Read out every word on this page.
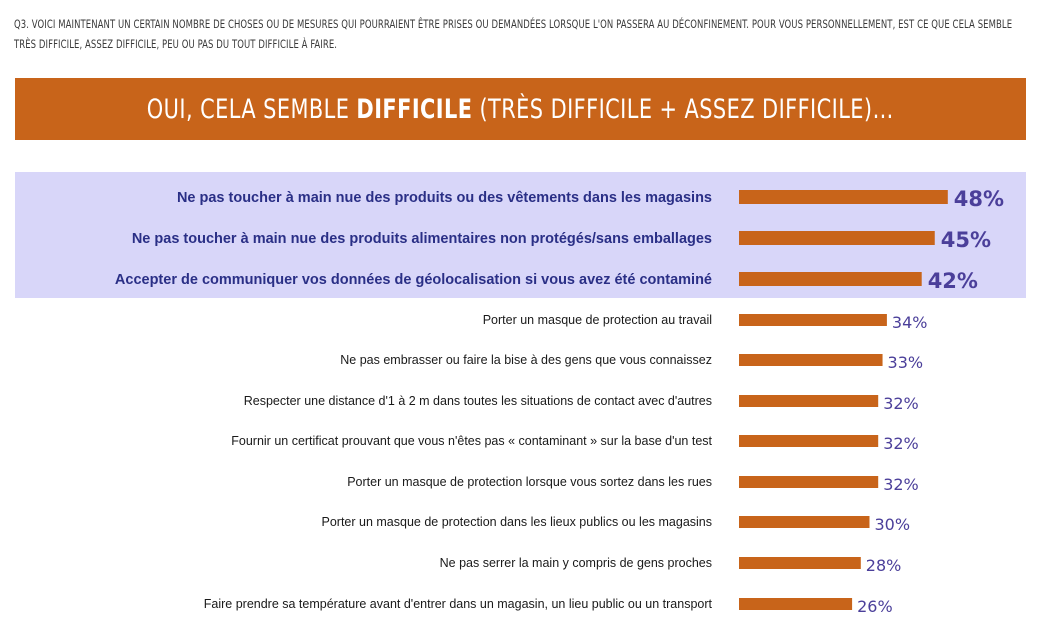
Q3. VOICI MAINTENANT UN CERTAIN NOMBRE DE CHOSES OU DE MESURES QUI POURRAIENT ÊTRE PRISES OU DEMANDÉES LORSQUE L'ON PASSERA AU DÉCONFINEMENT. POUR VOUS PERSONNELLEMENT, EST CE QUE CELA SEMBLE TRÈS DIFFICILE, ASSEZ DIFFICILE, PEU OU PAS DU TOUT DIFFICILE À FAIRE.
OUI, CELA SEMBLE DIFFICILE (TRÈS DIFFICILE + ASSEZ DIFFICILE)…
Ne pas toucher à main nue des produits ou des vêtements dans les magasins	48%
Ne pas toucher à main nue des produits alimentaires non protégés/sans emballages	45%
Accepter de communiquer vos données de géolocalisation si vous avez été contaminé	42%
Porter un masque de protection au travail	34%
Ne pas embrasser ou faire la bise à des gens que vous connaissez	33%
Respecter une distance d'1 à 2 m dans toutes les situations de contact avec d'autres	32%
Fournir un certificat prouvant que vous n'êtes pas « contaminant » sur la base d'un test	32%
Porter un masque de protection lorsque vous sortez dans les rues	32%
Porter un masque de protection dans les lieux publics ou les magasins	30%
Ne pas serrer la main y compris de gens proches	28%
Faire prendre sa température avant d'entrer dans un magasin, un lieu public ou un transport	26%
